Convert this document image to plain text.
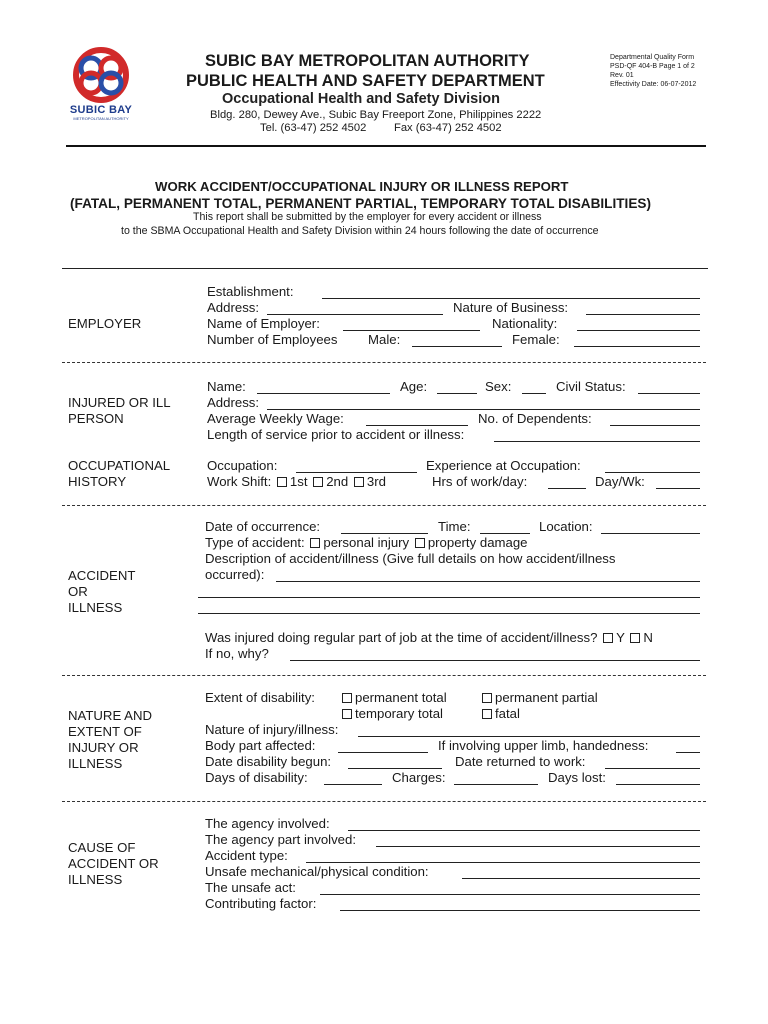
SUBIC BAY
METROPOLITAN AUTHORITY
SUBIC BAY METROPOLITAN AUTHORITY
PUBLIC HEALTH AND SAFETY DEPARTMENT
Occupational Health and Safety Division
Bldg. 280, Dewey Ave., Subic Bay Freeport Zone, Philippines 2222
Tel. (63-47) 252 4502 Fax (63-47) 252 4502
Departmental Quality Form
PSD-QF 404-B Page 1 of 2
Rev. 01
Effectivity Date: 06-07-2012
WORK ACCIDENT/OCCUPATIONAL INJURY OR ILLNESS REPORT
(FATAL, PERMANENT TOTAL, PERMANENT PARTIAL, TEMPORARY TOTAL DISABILITIES)
This report shall be submitted by the employer for every accident or illness
to the SBMA Occupational Health and Safety Division within 24 hours following the date of occurrence
EMPLOYER
Establishment:
Address:	Nature of Business:
Name of Employer:	Nationality:
Number of Employees Male:	Female:
INJURED OR ILL
PERSON
Name:	Age:	Sex:	Civil Status:
Address:
Average Weekly Wage:	No. of Dependents:
Length of service prior to accident or illness:
OCCUPATIONAL
HISTORY
Occupation:	Experience at Occupation:
Work Shift: 1st 2nd 3rd	Hrs of work/day:	Day/Wk:
ACCIDENT
OR
ILLNESS
Date of occurrence:	Time:	Location:
Type of accident: personal injury property damage
Description of accident/illness (Give full details on how accident/illness
occurred):
Was injured doing regular part of job at the time of accident/illness? Y N
If no, why?
NATURE AND
EXTENT OF
INJURY OR
ILLNESS
Extent of disability:	permanent total	permanent partial
temporary total	fatal
Nature of injury/illness:
Body part affected:	If involving upper limb, handedness:
Date disability begun:	Date returned to work:
Days of disability:	Charges:	Days lost:
CAUSE OF
ACCIDENT OR
ILLNESS
The agency involved:
The agency part involved:
Accident type:
Unsafe mechanical/physical condition:
The unsafe act:
Contributing factor:
